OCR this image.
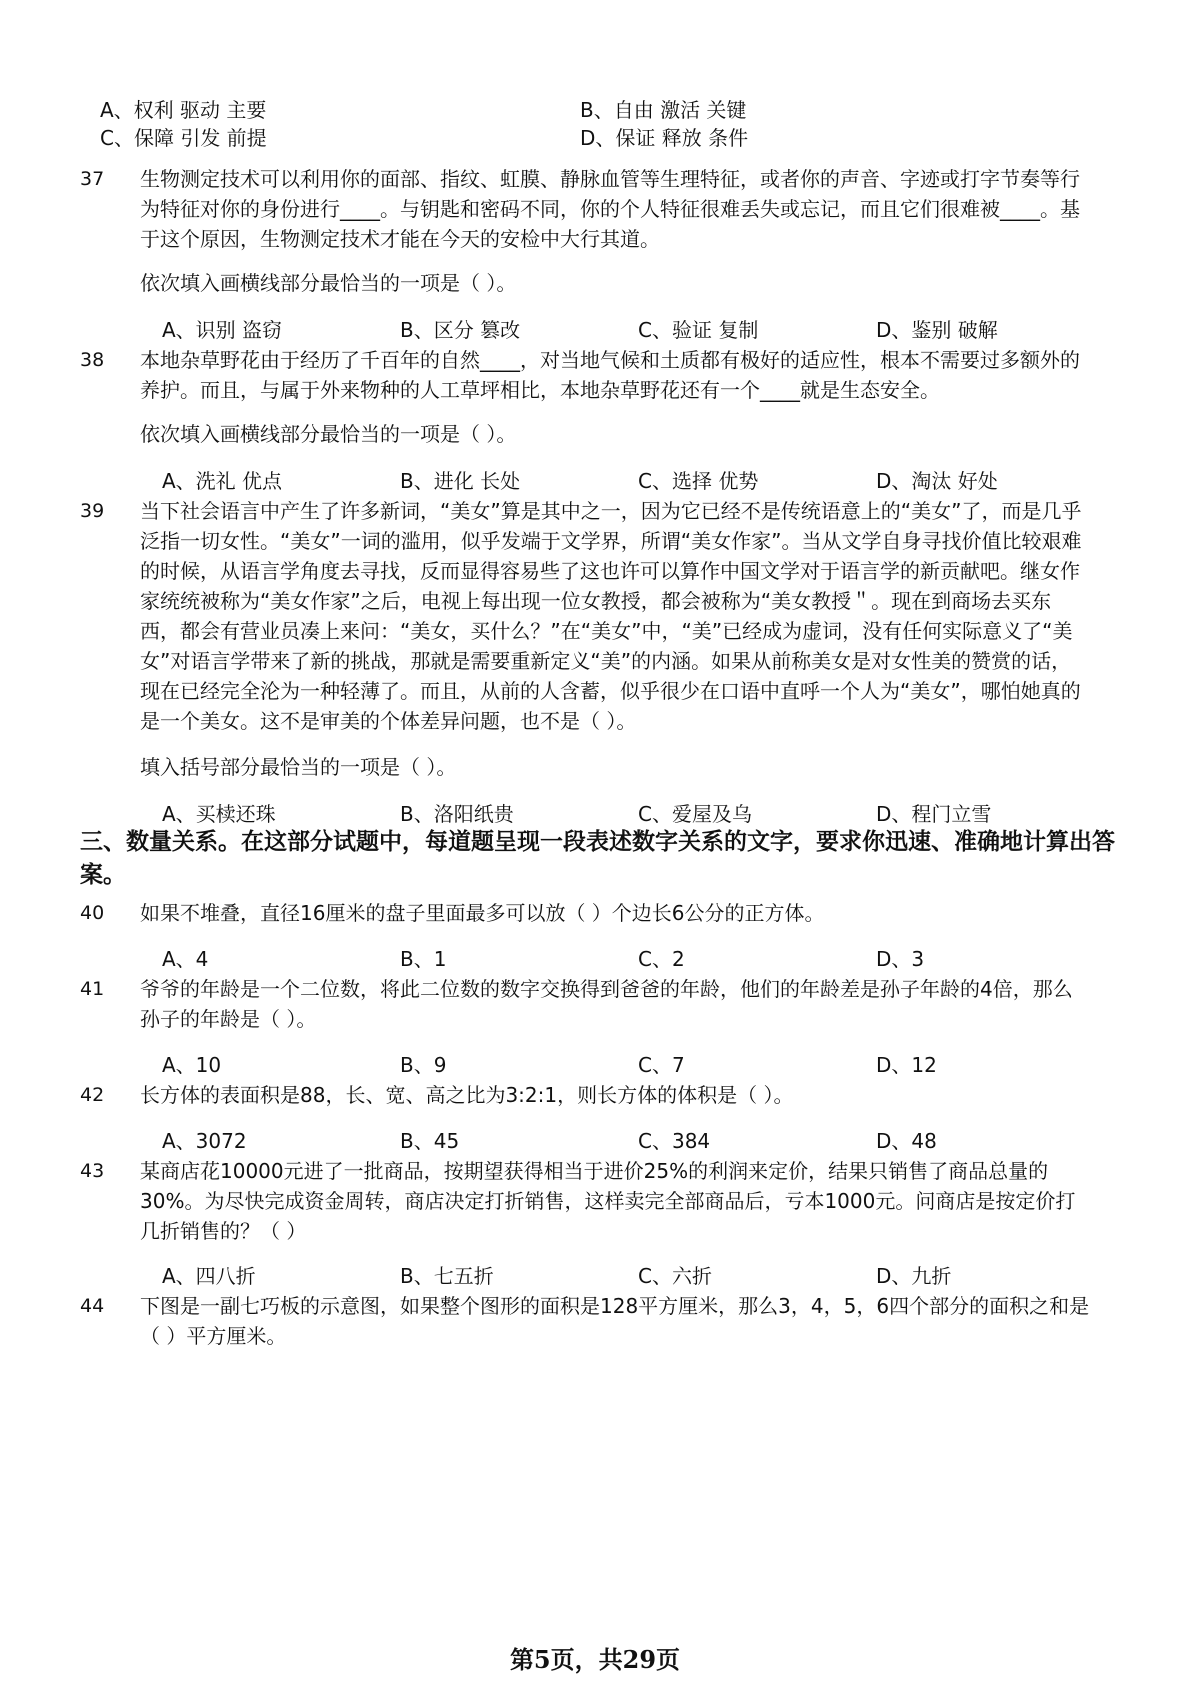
A、权利 驱动 主要	B、自由 激活 关键
C、保障 引发 前提	D、保证 释放 条件
37 生物测定技术可以利用你的面部、指纹、虹膜、静脉血管等生理特征，或者你的声音、字迹或打字节奏等行为特征对你的身份进行____。与钥匙和密码不同，你的个人特征很难丢失或忘记，而且它们很难被____。基于这个原因，生物测定技术才能在今天的安检中大行其道。

依次填入画横线部分最恰当的一项是（ ）。
A、识别 盗窃	B、区分 篡改	C、验证 复制	D、鉴别 破解
38 本地杂草野花由于经历了千百年的自然____，对当地气候和土质都有极好的适应性，根本不需要过多额外的养护。而且，与属于外来物种的人工草坪相比，本地杂草野花还有一个____就是生态安全。

依次填入画横线部分最恰当的一项是（ ）。
A、洗礼 优点	B、进化 长处	C、选择 优势	D、淘汰 好处
39 当下社会语言中产生了许多新词，“美女”算是其中之一，因为它已经不是传统语意上的“美女”了，而是几乎泛指一切女性。“美女”一词的滥用，似乎发端于文学界，所谓“美女作家”。当从文学自身寻找价值比较艰难的时候，从语言学角度去寻找，反而显得容易些了这也许可以算作中国文学对于语言学的新贡献吧。继女作家统统被称为“美女作家”之后，电视上每出现一位女教授，都会被称为“美女教授＂。现在到商场去买东西，都会有营业员凑上来问：“美女，买什么？”在“美女”中，“美”已经成为虚词，没有任何实际意义了“美女”对语言学带来了新的挑战，那就是需要重新定义“美”的内涵。如果从前称美女是对女性美的赞赏的话，现在已经完全沦为一种轻薄了。而且，从前的人含蓄，似乎很少在口语中直呼一个人为“美女”，哪怕她真的是一个美女。这不是审美的个体差异问题，也不是（ ）。

填入括号部分最恰当的一项是（ ）。
A、买椟还珠	B、洛阳纸贵	C、爱屋及乌	D、程门立雪

三、数量关系。在这部分试题中，每道题呈现一段表述数字关系的文字，要求你迅速、准确地计算出答案。

40 如果不堆叠，直径16厘米的盘子里面最多可以放（ ）个边长6公分的正方体。

A、4	B、1	C、2	D、3
41 爷爷的年龄是一个二位数，将此二位数的数字交换得到爸爸的年龄，他们的年龄差是孙子年龄的4倍，那么孙子的年龄是（ ）。

A、10	B、9	C、7	D、12
42 长方体的表面积是88，长、宽、高之比为3:2:1，则长方体的体积是（ ）。

A、3072	B、45	C、384	D、48
43 某商店花10000元进了一批商品，按期望获得相当于进价25%的利润来定价，结果只销售了商品总量的30%。为尽快完成资金周转，商店决定打折销售，这样卖完全部商品后，亏本1000元。问商店是按定价打几折销售的？（ ）

A、四八折	B、七五折	C、六折	D、九折
44 下图是一副七巧板的示意图，如果整个图形的面积是128平方厘米，那么3，4，5，6四个部分的面积之和是（ ）平方厘米。

第5页，共29页
